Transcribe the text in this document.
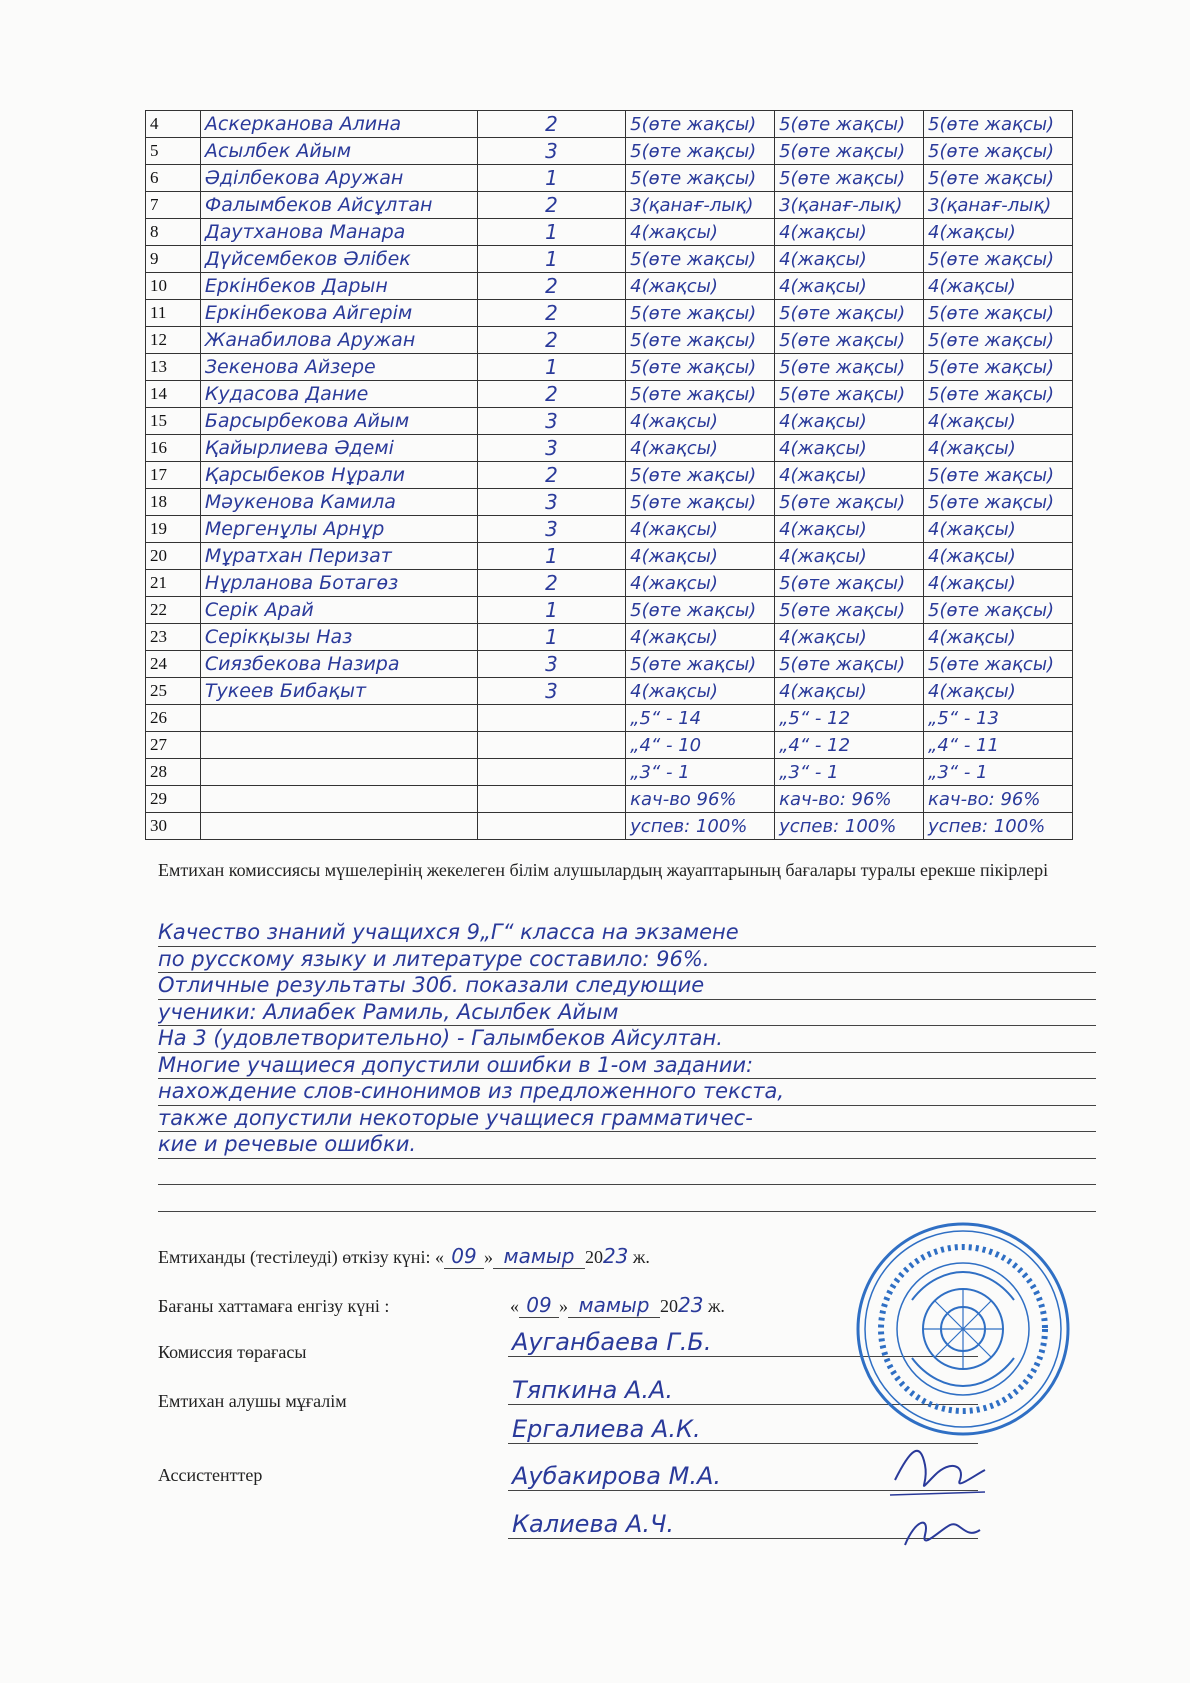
4	Аскерканова Алина	2	5(өте жақсы)	5(өте жақсы)	5(өте жақсы)
5	Асылбек Айым	3	5(өте жақсы)	5(өте жақсы)	5(өте жақсы)
6	Әділбекова Аружан	1	5(өте жақсы)	5(өте жақсы)	5(өте жақсы)
7	Фалымбеков Айсұлтан	2	3(қанағ-лық)	3(қанағ-лық)	3(қанағ-лық)
8	Даутханова Манара	1	4(жақсы)	4(жақсы)	4(жақсы)
9	Дүйсембеков Әлібек	1	5(өте жақсы)	4(жақсы)	5(өте жақсы)
10	Еркінбеков Дарын	2	4(жақсы)	4(жақсы)	4(жақсы)
11	Еркінбекова Айгерім	2	5(өте жақсы)	5(өте жақсы)	5(өте жақсы)
12	Жанабилова Аружан	2	5(өте жақсы)	5(өте жақсы)	5(өте жақсы)
13	Зекенова Айзере	1	5(өте жақсы)	5(өте жақсы)	5(өте жақсы)
14	Кудасова Дание	2	5(өте жақсы)	5(өте жақсы)	5(өте жақсы)
15	Барсырбекова Айым	3	4(жақсы)	4(жақсы)	4(жақсы)
16	Қайырлиева Әдемі	3	4(жақсы)	4(жақсы)	4(жақсы)
17	Қарсыбеков Нұрали	2	5(өте жақсы)	4(жақсы)	5(өте жақсы)
18	Мәукенова Камила	3	5(өте жақсы)	5(өте жақсы)	5(өте жақсы)
19	Мергенұлы Арнұр	3	4(жақсы)	4(жақсы)	4(жақсы)
20	Мұратхан Перизат	1	4(жақсы)	4(жақсы)	4(жақсы)
21	Нұрланова Ботагөз	2	4(жақсы)	5(өте жақсы)	4(жақсы)
22	Серік Арай	1	5(өте жақсы)	5(өте жақсы)	5(өте жақсы)
23	Серікқызы Наз	1	4(жақсы)	4(жақсы)	4(жақсы)
24	Сиязбекова Назира	3	5(өте жақсы)	5(өте жақсы)	5(өте жақсы)
25	Тукеев Бибақыт	3	4(жақсы)	4(жақсы)	4(жақсы)
26			„5“ - 14	„5“ - 12	„5“ - 13
27			„4“ - 10	„4“ - 12	„4“ - 11
28			„3“ - 1	„3“ - 1	„3“ - 1
29			кач-во 96%	кач-во: 96%	кач-во: 96%
30			успев: 100%	успев: 100%	успев: 100%
Емтихан комиссиясы мүшелерінің жекелеген білім алушылардың жауаптарының бағалары туралы ерекше пікірлері
Качество знаний учащихся 9„Г“ класса на экзамене
по русскому языку и литературе составило: 96%.
Отличные результаты 30б. показали следующие
ученики: Алиабек Рамиль, Асылбек Айым
На 3 (удовлетворительно) - Галымбеков Айсултан.
Многие учащиеся допустили ошибки в 1-ом задании:
нахождение слов-синонимов из предложенного текста,
также допустили некоторые учащиеся грамматичес-
кие и речевые ошибки.
Емтиханды (тестілеуді) өткізу күні: « 09 » мамыр 2023 ж.
Бағаны хаттамаға енгізу күні :	« 09 » мамыр 2023 ж.
Комиссия төрағасы	Ауганбаева Г.Б.
Емтихан алушы мұғалім	Тяпкина А.А.
Ергалиева А.К.
Ассистенттер	Аубакирова М.А.
Калиева А.Ч.
